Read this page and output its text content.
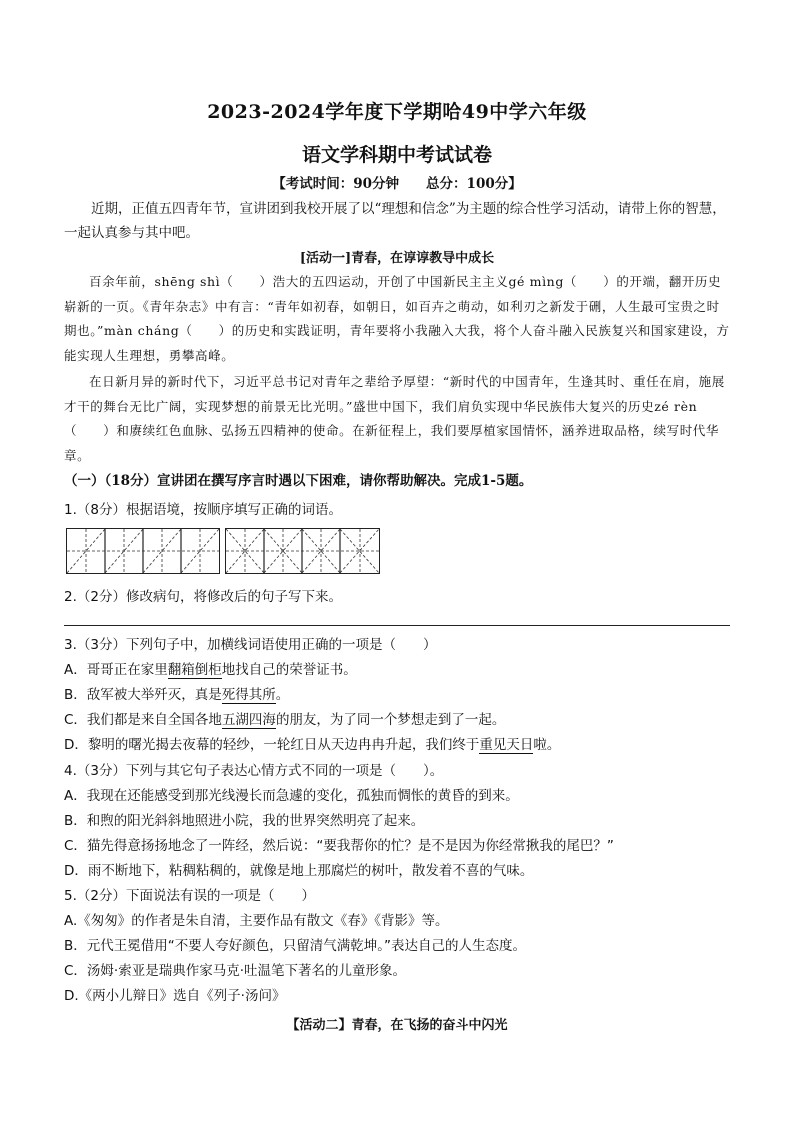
2023-2024学年度下学期哈49中学六年级
语文学科期中考试试卷
【考试时间：90分钟　　总分：100分】
近期，正值五四青年节，宣讲团到我校开展了以“理想和信念”为主题的综合性学习活动，请带上你的智慧，一起认真参与其中吧。
[活动一]青春，在谆谆教导中成长
百余年前，shēng shì（　　）浩大的五四运动，开创了中国新民主主义gé mìng（　　）的开端，翻开历史崭新的一页。《青年杂志》中有言：“青年如初春，如朝日，如百卉之萌动，如利刃之新发于硎，人生最可宝贵之时期也。”màn cháng（　　）的历史和实践证明，青年要将小我融入大我，将个人奋斗融入民族复兴和国家建设，方能实现人生理想，勇攀高峰。
在日新月异的新时代下，习近平总书记对青年之辈给予厚望：“新时代的中国青年，生逢其时、重任在肩，施展才干的舞台无比广阔，实现梦想的前景无比光明。”盛世中国下，我们肩负实现中华民族伟大复兴的历史zé rèn（　　）和赓续红色血脉、弘扬五四精神的使命。在新征程上，我们要厚植家国情怀，涵养进取品格，续写时代华章。
（一）（18分）宣讲团在撰写序言时遇以下困难，请你帮助解决。完成1-5题。
1.（8分）根据语境，按顺序填写正确的词语。
2.（2分）修改病句，将修改后的句子写下来。
3.（3分）下列句子中，加横线词语使用正确的一项是（　　）
A．哥哥正在家里翻箱倒柜地找自己的荣誉证书。
B．敌军被大举歼灭，真是死得其所。
C．我们都是来自全国各地五湖四海的朋友，为了同一个梦想走到了一起。
D．黎明的曙光揭去夜幕的轻纱，一轮红日从天边冉冉升起，我们终于重见天日啦。
4.（3分）下列与其它句子表达心情方式不同的一项是（　　）。
A．我现在还能感受到那光线漫长而急遽的变化，孤独而惆怅的黄昏的到来。
B．和煦的阳光斜斜地照进小院，我的世界突然明亮了起来。
C．猫先得意扬扬地念了一阵经，然后说：“要我帮你的忙？是不是因为你经常揪我的尾巴？”
D．雨不断地下，粘稠粘稠的，就像是地上那腐烂的树叶，散发着不喜的气味。
5.（2分）下面说法有误的一项是（　　）
A.《匆匆》的作者是朱自清，主要作品有散文《春》《背影》等。
B．元代王冕借用“不要人夸好颜色，只留清气满乾坤。”表达自己的人生态度。
C．汤姆·索亚是瑞典作家马克·吐温笔下著名的儿童形象。
D.《两小儿辩日》选自《列子·汤问》
【活动二】青春，在飞扬的奋斗中闪光
